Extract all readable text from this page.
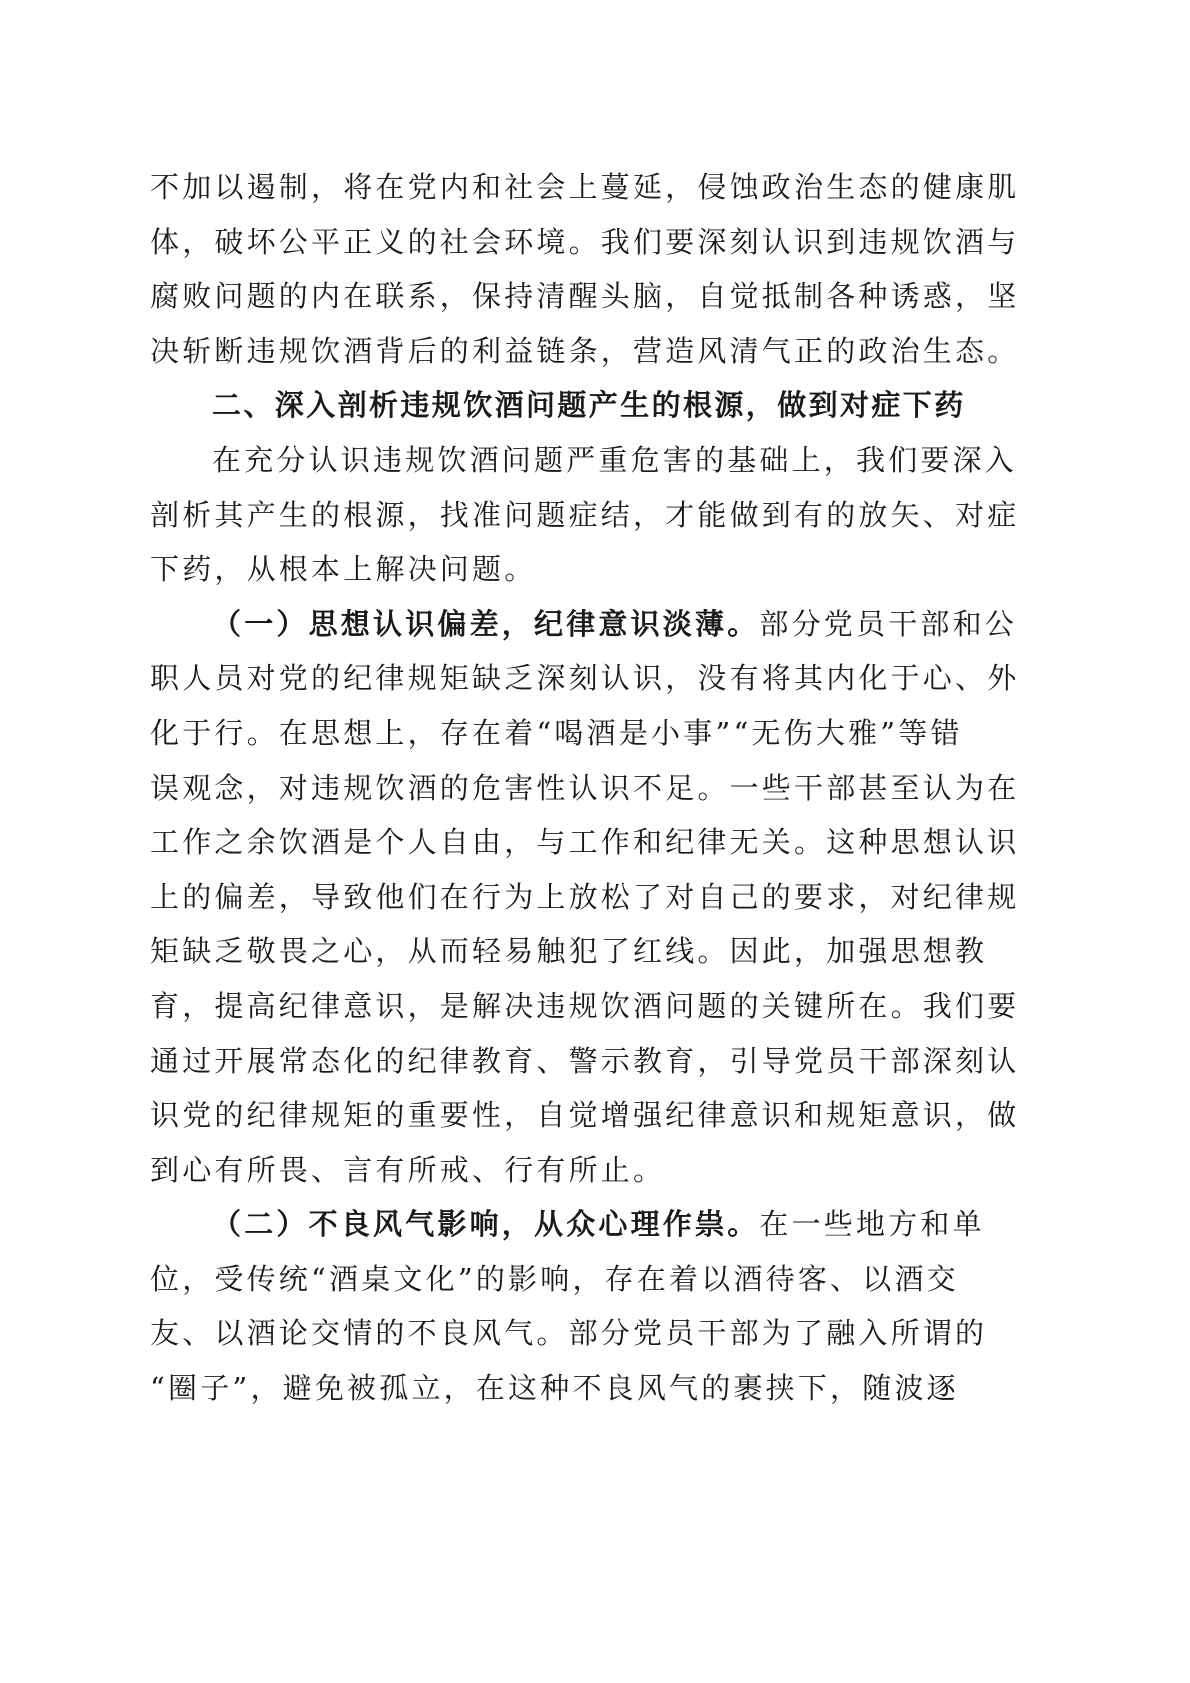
不加以遏制，将在党内和社会上蔓延，侵蚀政治生态的健康肌
体，破坏公平正义的社会环境。我们要深刻认识到违规饮酒与
腐败问题的内在联系，保持清醒头脑，自觉抵制各种诱惑，坚
决斩断违规饮酒背后的利益链条，营造风清气正的政治生态。
二、深入剖析违规饮酒问题产生的根源，做到对症下药
在充分认识违规饮酒问题严重危害的基础上，我们要深入
剖析其产生的根源，找准问题症结，才能做到有的放矢、对症
下药，从根本上解决问题。
（一）思想认识偏差，纪律意识淡薄。部分党员干部和公
职人员对党的纪律规矩缺乏深刻认识，没有将其内化于心、外
化于行。在思想上，存在着“喝酒是小事”“无伤大雅”等错
误观念，对违规饮酒的危害性认识不足。一些干部甚至认为在
工作之余饮酒是个人自由，与工作和纪律无关。这种思想认识
上的偏差，导致他们在行为上放松了对自己的要求，对纪律规
矩缺乏敬畏之心，从而轻易触犯了红线。因此，加强思想教
育，提高纪律意识，是解决违规饮酒问题的关键所在。我们要
通过开展常态化的纪律教育、警示教育，引导党员干部深刻认
识党的纪律规矩的重要性，自觉增强纪律意识和规矩意识，做
到心有所畏、言有所戒、行有所止。
（二）不良风气影响，从众心理作祟。在一些地方和单
位，受传统“酒桌文化”的影响，存在着以酒待客、以酒交
友、以酒论交情的不良风气。部分党员干部为了融入所谓的
“圈子”，避免被孤立，在这种不良风气的裹挟下，随波逐
